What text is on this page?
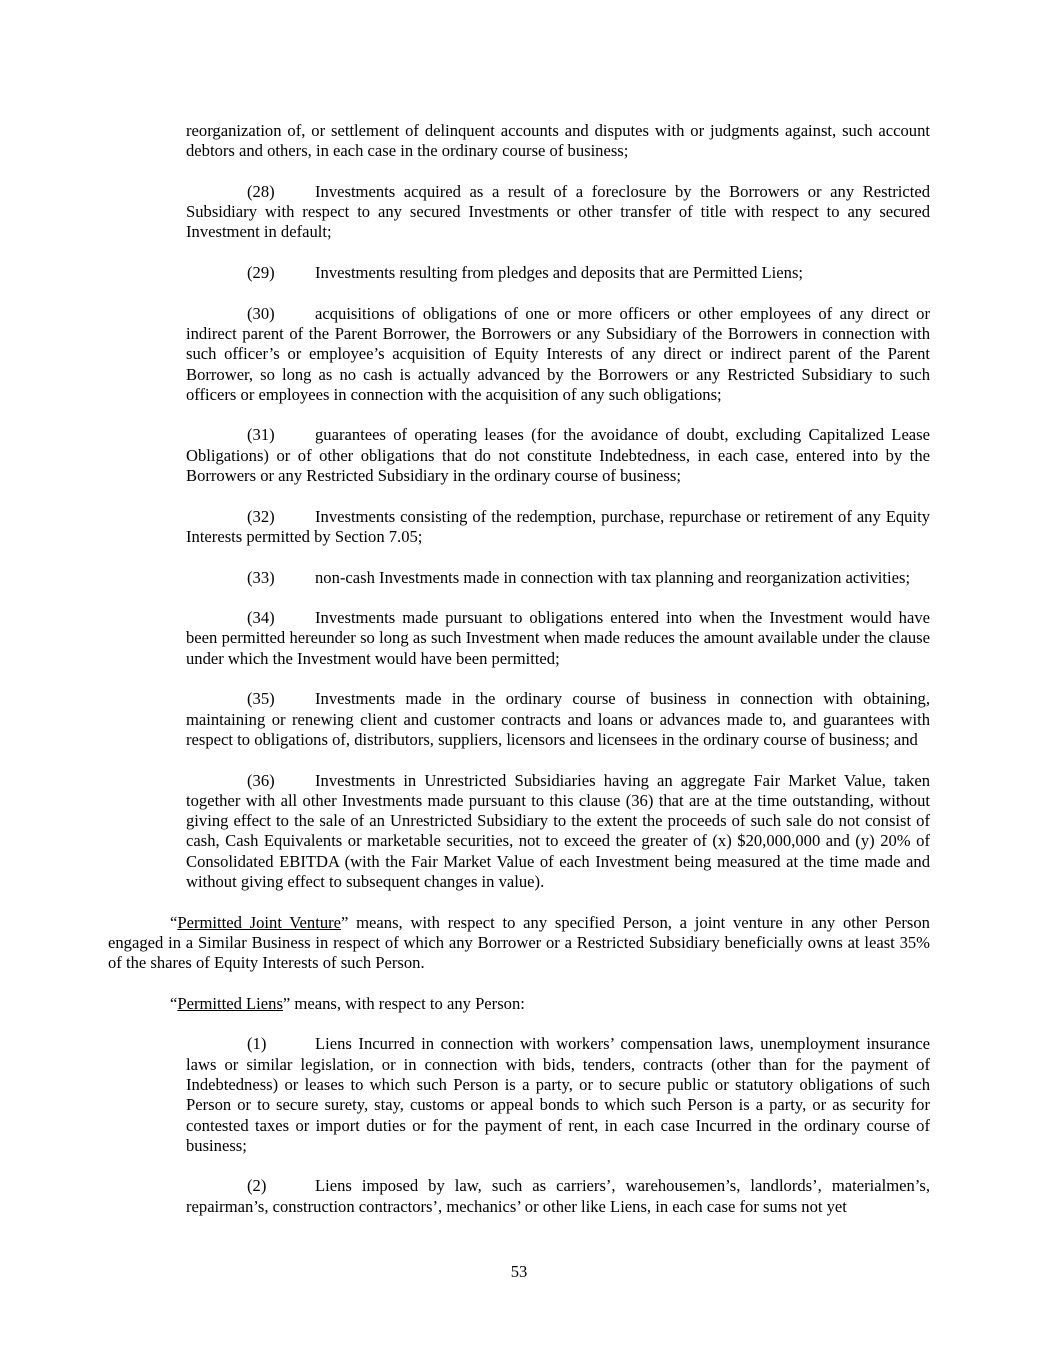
reorganization of, or settlement of delinquent accounts and disputes with or judgments against, such account debtors and others, in each case in the ordinary course of business;

(28) Investments acquired as a result of a foreclosure by the Borrowers or any Restricted Subsidiary with respect to any secured Investments or other transfer of title with respect to any secured Investment in default;

(29) Investments resulting from pledges and deposits that are Permitted Liens;

(30) acquisitions of obligations of one or more officers or other employees of any direct or indirect parent of the Parent Borrower, the Borrowers or any Subsidiary of the Borrowers in connection with such officer’s or employee’s acquisition of Equity Interests of any direct or indirect parent of the Parent Borrower, so long as no cash is actually advanced by the Borrowers or any Restricted Subsidiary to such officers or employees in connection with the acquisition of any such obligations;

(31) guarantees of operating leases (for the avoidance of doubt, excluding Capitalized Lease Obligations) or of other obligations that do not constitute Indebtedness, in each case, entered into by the Borrowers or any Restricted Subsidiary in the ordinary course of business;

(32) Investments consisting of the redemption, purchase, repurchase or retirement of any Equity Interests permitted by Section 7.05;

(33) non-cash Investments made in connection with tax planning and reorganization activities;

(34) Investments made pursuant to obligations entered into when the Investment would have been permitted hereunder so long as such Investment when made reduces the amount available under the clause under which the Investment would have been permitted;

(35) Investments made in the ordinary course of business in connection with obtaining, maintaining or renewing client and customer contracts and loans or advances made to, and guarantees with respect to obligations of, distributors, suppliers, licensors and licensees in the ordinary course of business; and

(36) Investments in Unrestricted Subsidiaries having an aggregate Fair Market Value, taken together with all other Investments made pursuant to this clause (36) that are at the time outstanding, without giving effect to the sale of an Unrestricted Subsidiary to the extent the proceeds of such sale do not consist of cash, Cash Equivalents or marketable securities, not to exceed the greater of (x) $20,000,000 and (y) 20% of Consolidated EBITDA (with the Fair Market Value of each Investment being measured at the time made and without giving effect to subsequent changes in value).

“Permitted Joint Venture” means, with respect to any specified Person, a joint venture in any other Person engaged in a Similar Business in respect of which any Borrower or a Restricted Subsidiary beneficially owns at least 35% of the shares of Equity Interests of such Person.

“Permitted Liens” means, with respect to any Person:

(1)	Liens Incurred in connection with workers’ compensation laws, unemployment insurance laws or similar legislation, or in connection with bids, tenders, contracts (other than for the payment of Indebtedness) or leases to which such Person is a party, or to secure public or statutory obligations of such Person or to secure surety, stay, customs or appeal bonds to which such Person is a party, or as security for contested taxes or import duties or for the payment of rent, in each case Incurred in the ordinary course of business;

(2)	Liens imposed by law, such as carriers’, warehousemen’s, landlords’, materialmen’s, repairman’s, construction contractors’, mechanics’ or other like Liens, in each case for sums not yet

53
